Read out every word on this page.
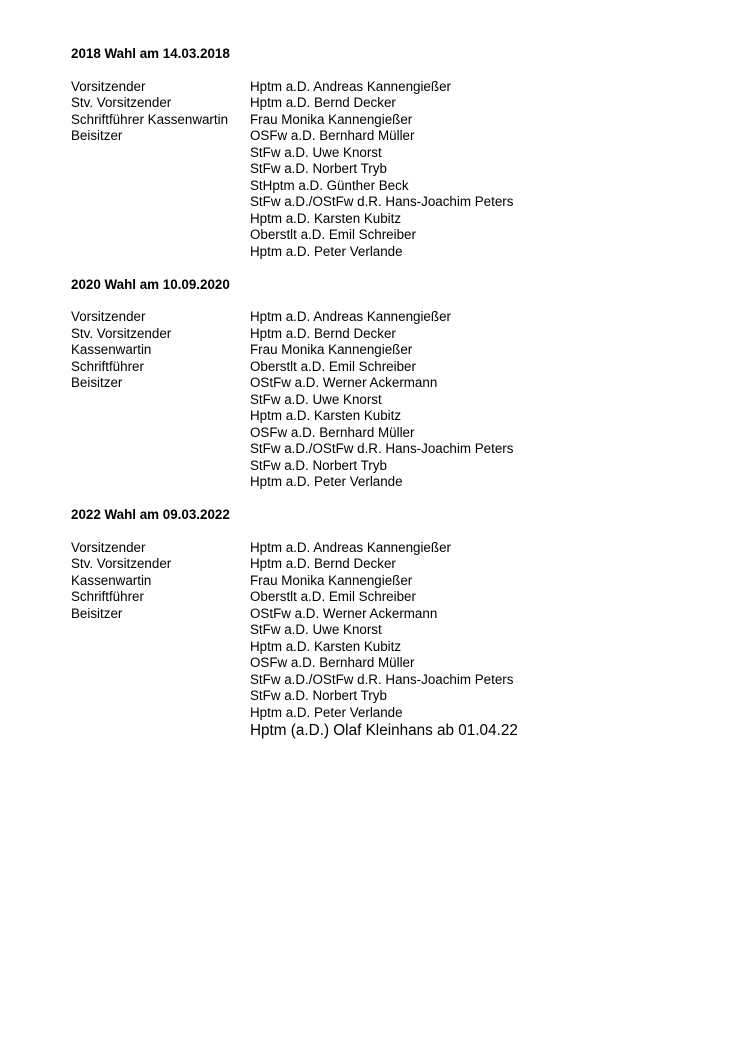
2018 Wahl am 14.03.2018
Vorsitzender	Hptm a.D. Andreas Kannengießer
Stv. Vorsitzender	Hptm a.D. Bernd Decker
Schriftführer Kassenwartin	Frau Monika Kannengießer
Beisitzer	OSFw a.D. Bernhard Müller
StFw a.D. Uwe Knorst
StFw a.D. Norbert Tryb
StHptm a.D. Günther Beck
StFw a.D./OStFw d.R. Hans-Joachim Peters
Hptm a.D. Karsten Kubitz
Oberstlt a.D. Emil Schreiber
Hptm a.D. Peter Verlande
2020 Wahl am 10.09.2020
Vorsitzender	Hptm a.D. Andreas Kannengießer
Stv. Vorsitzender	Hptm a.D. Bernd Decker
Kassenwartin	Frau Monika Kannengießer
Schriftführer	Oberstlt a.D. Emil Schreiber
Beisitzer	OStFw a.D. Werner Ackermann
StFw a.D. Uwe Knorst
Hptm a.D. Karsten Kubitz
OSFw a.D. Bernhard Müller
StFw a.D./OStFw d.R. Hans-Joachim Peters
StFw a.D. Norbert Tryb
Hptm a.D. Peter Verlande
2022 Wahl am 09.03.2022
Vorsitzender	Hptm a.D. Andreas Kannengießer
Stv. Vorsitzender	Hptm a.D. Bernd Decker
Kassenwartin	Frau Monika Kannengießer
Schriftführer	Oberstlt a.D. Emil Schreiber
Beisitzer	OStFw a.D. Werner Ackermann
StFw a.D. Uwe Knorst
Hptm a.D. Karsten Kubitz
OSFw a.D. Bernhard Müller
StFw a.D./OStFw d.R. Hans-Joachim Peters
StFw a.D. Norbert Tryb
Hptm a.D. Peter Verlande
Hptm (a.D.) Olaf Kleinhans ab 01.04.22
